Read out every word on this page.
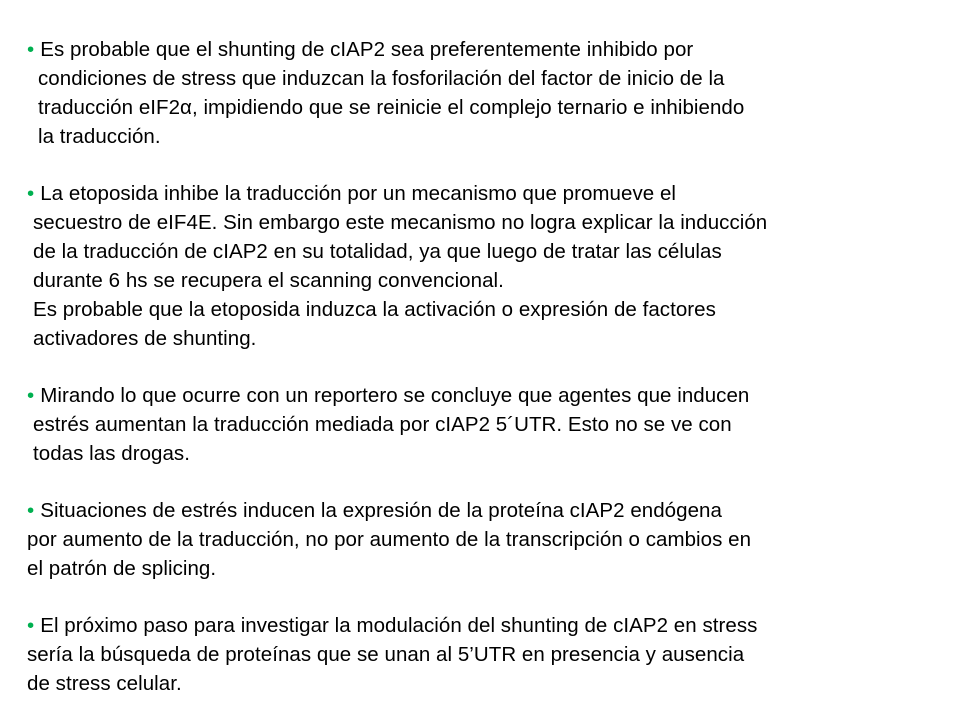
• Es probable que el shunting de cIAP2 sea preferentemente inhibido por
condiciones de stress que induzcan la fosforilación del factor de inicio de la
traducción eIF2α, impidiendo que se reinicie el complejo ternario e inhibiendo
la traducción.
• La etoposida inhibe la traducción por un mecanismo que promueve el
secuestro de eIF4E. Sin embargo este mecanismo no logra explicar la inducción
de la traducción de cIAP2 en su totalidad, ya que luego de tratar las células
durante 6 hs se recupera el scanning convencional.
Es probable que la etoposida induzca la activación o expresión de factores
activadores de shunting.
• Mirando lo que ocurre con un reportero se concluye que agentes que inducen
estrés aumentan la traducción mediada por cIAP2 5´UTR. Esto no se ve con
todas las drogas.
• Situaciones de estrés inducen la expresión de la proteína cIAP2 endógena
por aumento de la traducción, no por aumento de la transcripción o cambios en
el patrón de splicing.
• El próximo paso para investigar la modulación del shunting de cIAP2 en stress
sería la búsqueda de proteínas que se unan al 5’UTR en presencia y ausencia
de stress celular.
